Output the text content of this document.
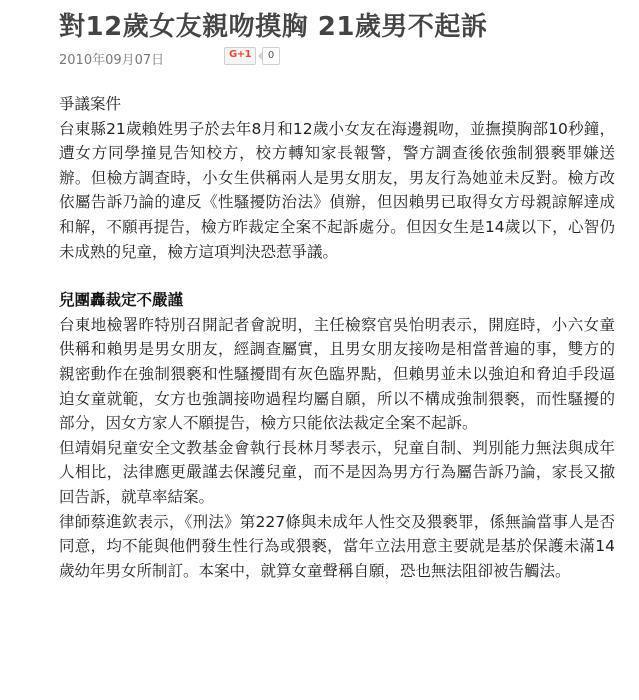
對12歲女友親吻摸胸 21歲男不起訴
2010年09月07日	G+1	0

爭議案件

台東縣21歲賴姓男子於去年8月和12歲小女友在海邊親吻，並撫摸胸部10秒鐘，遭女方同學撞見告知校方，校方轉知家長報警，警方調查後依強制猥褻罪嫌送辦。但檢方調查時，小女生供稱兩人是男女朋友，男友行為她並未反對。檢方改依屬告訴乃論的違反《性騷擾防治法》偵辦，但因賴男已取得女方母親諒解達成和解，不願再提告，檢方昨裁定全案不起訴處分。但因女生是14歲以下，心智仍未成熟的兒童，檢方這項判決恐惹爭議。

兒團轟裁定不嚴謹

台東地檢署昨特別召開記者會說明，主任檢察官吳怡明表示，開庭時，小六女童供稱和賴男是男女朋友，經調查屬實，且男女朋友接吻是相當普遍的事，雙方的親密動作在強制猥褻和性騷擾間有灰色臨界點，但賴男並未以強迫和脅迫手段逼迫女童就範，女方也強調接吻過程均屬自願，所以不構成強制猥褻，而性騷擾的部分，因女方家人不願提告，檢方只能依法裁定全案不起訴。

但靖娟兒童安全文教基金會執行長林月琴表示，兒童自制、判別能力無法與成年人相比，法律應更嚴謹去保護兒童，而不是因為男方行為屬告訴乃論，家長又撤回告訴，就草率結案。

律師蔡進欽表示，《刑法》第227條與未成年人性交及猥褻罪，係無論當事人是否同意，均不能與他們發生性行為或猥褻，當年立法用意主要就是基於保護未滿14歲幼年男女所制訂。本案中，就算女童聲稱自願，恐也無法阻卻被告觸法。
